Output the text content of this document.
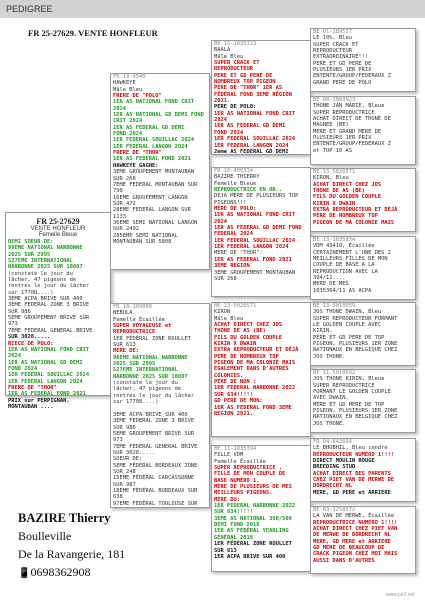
PEDIGREE
FR 25-27629. VENTE HONFLEUR
FR 25-27629
VENTE HONFLEUR
Femelle Bleue
DEMI SOEUR DE:
98EME NATIONAL NARBONNE
2025 SUR 2995
527EME INTERNATIONAL
NARBONNE 2025 SUR 10087
(constaté le jour du
lâcher, 47 pigeons de
rentrés le jour du lâcher
sur 17708....)
3EME ACPA BRIVE SUR 400
3EME FEDERAL ZONE 3 BRIVE
SUR 986
5EME GROUPEMENT BRIVE SUR
973
7EME FEDERAL GENERAL BRIVE
SUR 3028.....
NIECE DE POLO:
1ER AS NATIONAL FOND CRIT
2024
1ER AS NATIONAL GD DEMI
FOND 2024
1ER FEDERAL SOUILLAC 2024
1ER FEDERAL LANGON 2024
FRERE DE "THOR"
1ER AS FEDERAL FOND 2021
PRIX sur PERPIGNAN,
MONTAUBAN ....
FR 19-9540
HAWKEYE
Mâle Bleu
FRERE DE "POLO"
1ER AS NATIONAL FOND CRIT
2024
1ER AS NATIONAL GD DEMI FOND
CRIT 2024
1ER AS FEDERAL GD DEMI
FOND 2024
1ER FEDERAL SOUILLAC 2024
1ER FEDERAL LANGON 2024
FRERE DE "THOR"
1ER AS FEDERAL FOND 2021
HAWKEYE GAGNE:
3EME GROUPEMENT MONTAUBAN
SUR 268
7EME FEDERAL MONTAUBAN SUR
790
16EME GROUPEMENT LANGON
SUR 472
28EME FEDERAL LANGON SUR
1133
36EME SEMI NATIONAL LANGON
SUR 2492
285EME SEMI NATIONAL
MONTAUBAN SUR 5808
FR 18-109009
NEBULA
Femelle Écaillée
SUPER VOYAGEUSE et
REPRODUCTRICE
1ER FÉDÉRAL ZONE ROULLET
SUR 613
MERE DE:
98EME NATIONAL NARBONNE
2025 SUR 2995
527EME INTERNATIONAL
NARBONNE 2025 SUR 10087
(constaté le jour du
lâcher, 47 pigeons de
rentrés le jour du lâcher
sur 17708....)

3EME ACPA BRIVE SUR 400
3EME FEDERAL ZONE 3 BRIVE
SUR 986
5EME GROUPEMENT BRIVE SUR
973
7EME FEDERAL GENERAL BRIVE
SUR 3028.....
SOEUR DE:
5EME FÉDÉRAL BORDEAUX ZONE
SUR 248
15EME FÉDÉRAL CARCASSONNE
SUR 987
18EME FÉDÉRAL BORDEAUX SUR
638
97EME FÉDÉRAL TOULOUSE SUR
BE 11-1035323
BAALA
Mâle Bleu
SUPER CRACK ET
REPRODUCTEUR
PERE ET GD PERE DE
NOMBREUX TOP PIGEON
PERE DE "THOR" 1ER AS
FÉDÉRAL FOND 3EME RÉGION
2021.
PERE DE POLO:
1ER AS NATIONAL FOND CRIT
2024
1ER AS FEDERAL GD DEMI
FOND 2024
1ER FEDERAL SOUILLAC 2024
1ER FEDERAL LANGON 2024
2eme AS FEDERAL GD DEMI
FR 16-408334
BAZIRE THIERRY
Femelle Bleue
REPRODUCTRICE EN OR..
DEJA MERE DE PLUSIEURS TOP
PIGEONS!!!
MÈRE DE POLO:
1ER AS NATIONAL FOND CRIT
2024
1ER AS FEDERAL GD DEMI FOND
FEDERAL 2024
1ER FEDERAL SOUILLAC 2024
1ER FEDERAL LANGON 2024
MERE DE "THOR":
1ER AS FEDERAL FOND 2021
3EME REGION
3EME GROUPEMENT MONTAUBAN
SUR 268
BE 13-5020571
KIRON
Mâle Bleu
ACHAT DIRECT CHEZ JOS
THONE DE AS (BE)
FILS DU GOLDEN COUPLE
KIRIN X DWAIN
EXTRA REPRODUCTEUR ET DÉJÀ
PERE DE NOMBREUX TOP
PIGEON DE MA COLONIE MAIS
EGALEMENT DANS D'AUTRES
COLONIES.
PERE DE NON :
1ER FEDERAL NARBONNE 2022
SUR 634!!!!!
GD PERE DE MON:
1ER AS FEDERAL FOND 3EME
REGION 2021.
BE 11-1035394
FILLE VDM
Femelle Écaillée
SUPER REPRODUCTRICE ,
FILLE DE MON COUPLE DE
BASE NUMÉRO 1.
MÈRE DE PLUSIEURS DE MES
MEILLEURS PIGEONS.
MERE DU:
1ER FEDERAL NARBONNE 2022
SUR 634!!!!!
3EME AS NATIONAL 300/500
DEMI FOND 2016
1ER AS FÉDÉRAL YEARLING
GÉNÉRAL 2019
1ER FÉDÉRAL ZONE ROULLET
SUR 613
1ER ACPA BRIVE SUR 400
BE 01-289557
LE 10%, Bleu
SUPER CRACK ET
REPRODUCTEUR
EXTRAORDINAIRE!!!
PERE ET GD PERE DE
PLUSIEURS 1ER PRIX
ENTENTE/GROUP/FEDERAUX Z
GRAND PERE DE POLO
BE 08-1003923
THONE JAN MARIE, Bleue
SUPER REPRODUCTRICE
ACHAT DIRECT DE THONE DE
MAGNEE (BE)
MERE ET GRAND MERE DE
PLUSIEURS 1ER PRIX
ENTENTE/GROUP/FEDERAUX Z
et TOP 10 AS
BE 13-5020571
KIRON, Bleu
ACHAT DIRECT CHEZ JOS
THONE DE AS (BE)
FILS DU GOLDEN COUPLE
KIRIN X DWAIN
EXTRA REPRODUCTEUR ET DÉJÀ
PERE DE NOMBREUX TOP
PIGEON DE MA COLONIE MAIS
BE 13-1035834
VDM 43410, Écaillée
CERTAINEMENT L'UNE DES 2
MEILLEURS FILLES DE MON
COUPLE DE BASE A LA
REPRODUCTION AVEC LA
394/11....
MERE DE MES
1035364/11 AS ACPA
BE 13-5010059
JOS THONE DWAIN, Bleu
SUPER REPRODUCTEUR FORMANT
LE GOLDEN COUPLE AVEC
KIRIN.
PERE ET GD PERE DE TOP
PIGEON, PLUSIEURS 1ER ZONE
NATIONAUX EN BELGIQUE CHEZ
JOS THONE.
BE 11-5010592
JOS THONE KIRIN, Bleue
SUPER REPRODUCTRICE
FORMANT LE GOLDEN COUPLE
AVEC DWAIN.
MERE ET GD MERE DE TOP
PIGEON, PLUSIEURS 1ER ZONE
NATIONAUX EN BELGIQUE CHEZ
JOS THONE.
FR 04-642664
LE BHOBHIL, Bleu cendré
REPRODUCTEUR NUMÉRO 1!!!!
DIRECT MOULIN ROUGE
BREEDING STUD
ACHAT DIRECT DES PARENTS
CHEZ PIET VAN DE MERWE DE
DORDRECHT NL
MERE, GD PERE et ARRIERE
BE 03-1258572
LA VAN DE MERWE, Écaillée
REPRODUCTRICE NUMÉRO 1!!!!
ACHAT DIRECT CHEZ PIET VAN
DE MERWE DE DORDRECHT NL
MERE, GD MERE et ARRIERE
GD MERE DE BEAUCOUP DE
CRACK PIGEON CHEZ MOI MAIS
AUSSI DANS D'AUTRES
BAZIRE Thierry
Boulleville
De la Ravangerie, 181
📱0698362908
www.pir3.net
